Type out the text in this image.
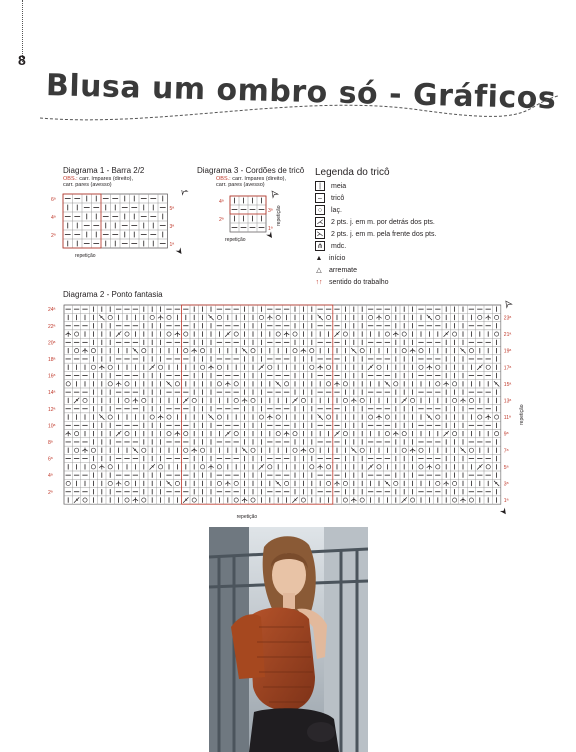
8
Blusa um ombro só - Gráficos
Diagrama 1 - Barra 2/2
OBS.: carr. ímpares (direito),
carr. pares (avesso)
6ª
4ª
2ª
5ª
3ª
1ª
repetição
Diagrama 3 - Cordões de tricô
OBS.: carr. ímpares (direito),
carr. pares (avesso)
4ª
2ª
3ª
1ª
repetição
repetição
Legenda do tricô
|	meia
–	tricô
○	laç.
⋌ 2 pts. j. em m. por detrás dos pts.
⋋ 2 pts. j. em m. pela frente dos pts.
⋔ mdc.
▲ início
△ arremate
↑↑ sentido do trabalho
Diagrama 2 - Ponto fantasia
24ª
22ª
20ª
18ª
16ª
14ª
12ª
10ª
8ª
6ª
4ª
2ª
23ª
21ª
19ª
17ª
15ª
13ª
11ª
9ª
7ª
5ª
3ª
1ª
repetição
repetição
